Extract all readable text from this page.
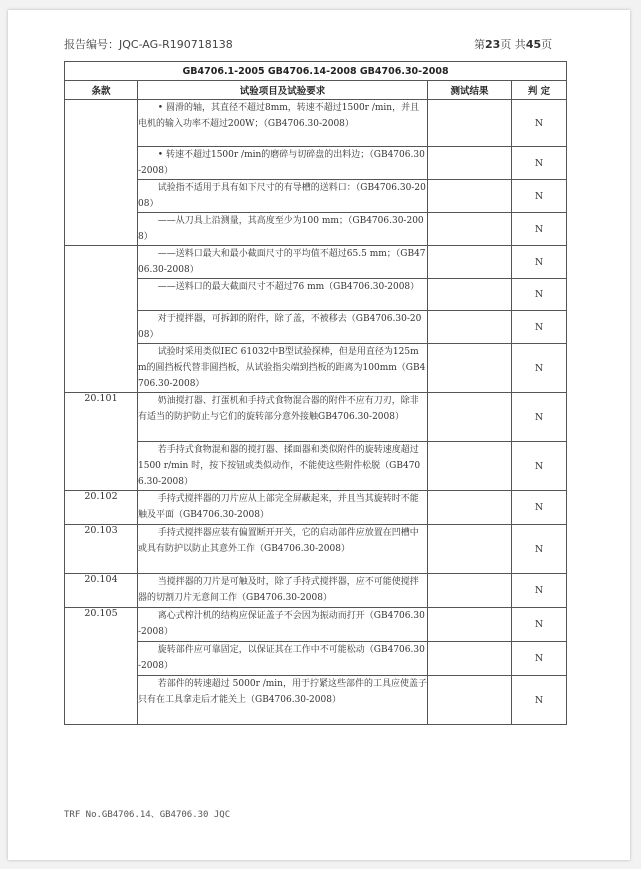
报告编号：JQC-AG-R190718138	第23页 共45页
GB4706.1-2005 GB4706.14-2008 GB4706.30-2008			
条款	试验项目及试验要求	测试结果	判 定

	• 圆滑的轴，其直径不超过8mm，转速不超过1500r /min，并且电机的输入功率不超过200W；（GB4706.30-2008）		N

	• 转速不超过1500r /min的磨碎与切碎盘的出料边；（GB4706.30-2008）		N

	试验指不适用于具有如下尺寸的有导槽的送料口：（GB4706.30-2008）		N

	——从刀具上沿测量，其高度至少为100 mm；（GB4706.30-2008）		N

	——送料口最大和最小截面尺寸的平均值不超过65.5 mm；（GB4706.30-2008）		N

	——送料口的最大截面尺寸不超过76 mm（GB4706.30-2008）		N

	对于搅拌器，可拆卸的附件，除了盖，不被移去（GB4706.30-2008）		N

	试验时采用类似IEC 61032中B型试验探棒，但是用直径为125mm的圆挡板代替非圆挡板，从试验指尖端到挡板的距离为100mm（GB4706.30-2008）		N
20.101	奶油搅打器、打蛋机和手持式食物混合器的附件不应有刀刃，除非有适当的防护防止与它们的旋转部分意外接触GB4706.30-2008）		N

	若手持式食物混和器的搅打器、揉面器和类似附件的旋转速度超过 1500 r/min 时，按下按钮或类似动作，不能使这些附件松脱（GB4706.30-2008）		N
20.102	手持式搅拌器的刀片应从上部完全屏蔽起来，并且当其旋转时不能触及平面（GB4706.30-2008）		N
20.103	手持式搅拌器应装有偏置断开开关，它的启动部件应放置在凹槽中或具有防护以防止其意外工作（GB4706.30-2008）		N
20.104	当搅拌器的刀片是可触及时，除了手持式搅拌器，应不可能使搅拌器的切割刀片无意间工作（GB4706.30-2008）		N
20.105	离心式榨汁机的结构应保证盖子不会因为振动而打开（GB4706.30-2008）		N

	旋转部件应可靠固定，以保证其在工作中不可能松动（GB4706.30-2008）		N

	若部件的转速超过 5000r /min，用于拧紧这些部件的工具应使盖子只有在工具拿走后才能关上（GB4706.30-2008）		N
TRF No.GB4706.14、GB4706.30 JQC
